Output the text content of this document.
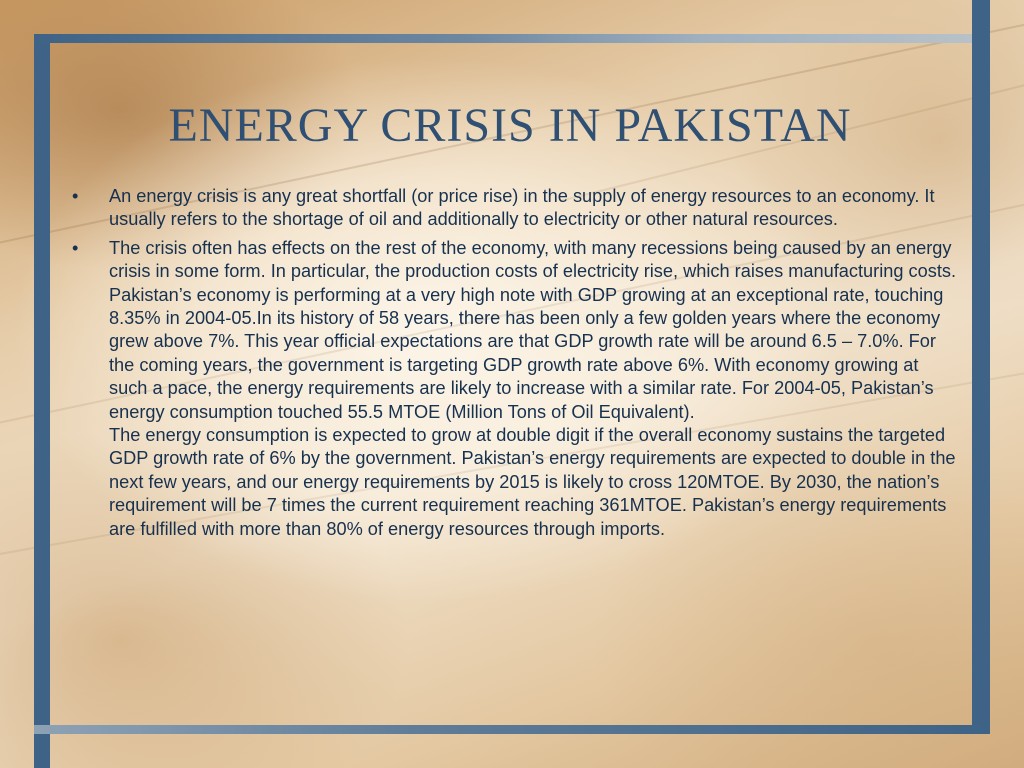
ENERGY CRISIS IN PAKISTAN
• An energy crisis is any great shortfall (or price rise) in the supply of energy resources to an economy. It usually refers to the shortage of oil and additionally to electricity or other natural resources.
• The crisis often has effects on the rest of the economy, with many recessions being caused by an energy crisis in some form. In particular, the production costs of electricity rise, which raises manufacturing costs.
Pakistan’s economy is performing at a very high note with GDP growing at an exceptional rate, touching 8.35% in 2004-05.In its history of 58 years, there has been only a few golden years where the economy grew above 7%. This year official expectations are that GDP growth rate will be around 6.5 – 7.0%. For the coming years, the government is targeting GDP growth rate above 6%. With economy growing at such a pace, the energy requirements are likely to increase with a similar rate. For 2004-05, Pakistan’s energy consumption touched 55.5 MTOE (Million Tons of Oil Equivalent).
The energy consumption is expected to grow at double digit if the overall economy sustains the targeted GDP growth rate of 6% by the government. Pakistan’s energy requirements are expected to double in the next few years, and our energy requirements by 2015 is likely to cross 120MTOE. By 2030, the nation’s requirement will be 7 times the current requirement reaching 361MTOE. Pakistan’s energy requirements are fulfilled with more than 80% of energy resources through imports.
